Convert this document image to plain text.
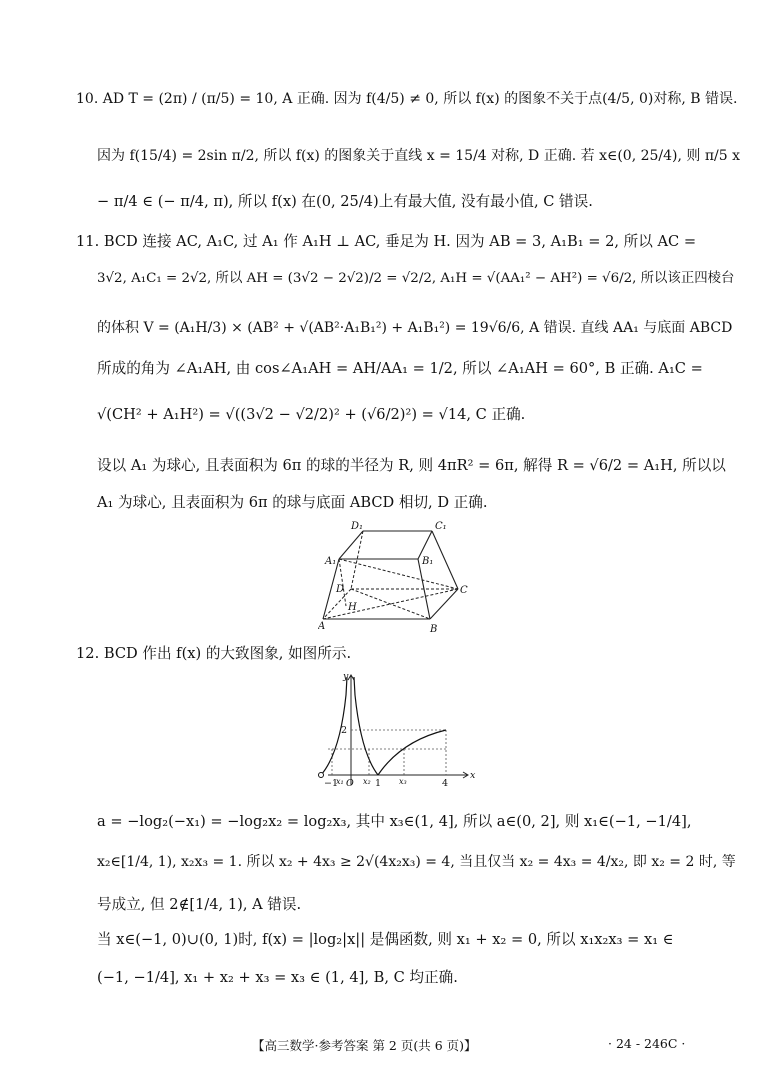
10. AD T = (2π) / (π/5) = 10, A 正确. 因为 f(4/5) ≠ 0, 所以 f(x) 的图象不关于点(4/5, 0)对称, B 错误.
因为 f(15/4) = 2sin π/2, 所以 f(x) 的图象关于直线 x = 15/4 对称, D 正确. 若 x∈(0, 25/4), 则 π/5 x
− π/4 ∈ (− π/4, π), 所以 f(x) 在(0, 25/4)上有最大值, 没有最小值, C 错误.
11. BCD 连接 AC, A₁C, 过 A₁ 作 A₁H ⊥ AC, 垂足为 H. 因为 AB = 3, A₁B₁ = 2, 所以 AC =
3√2, A₁C₁ = 2√2, 所以 AH = (3√2 − 2√2)/2 = √2/2, A₁H = √(AA₁² − AH²) = √6/2, 所以该正四棱台
的体积 V = (A₁H/3) × (AB² + √(AB²·A₁B₁²) + A₁B₁²) = 19√6/6, A 错误. 直线 AA₁ 与底面 ABCD
所成的角为 ∠A₁AH, 由 cos∠A₁AH = AH/AA₁ = 1/2, 所以 ∠A₁AH = 60°, B 正确. A₁C =
√(CH² + A₁H²) = √((3√2 − √2/2)² + (√6/2)²) = √14, C 正确.
设以 A₁ 为球心, 且表面积为 6π 的球的半径为 R, 则 4πR² = 6π, 解得 R = √6/2 = A₁H, 所以以
A₁ 为球心, 且表面积为 6π 的球与底面 ABCD 相切, D 正确.
D₁	C₁
A₁	B₁
D	C
H
A	B
12. BCD 作出 f(x) 的大致图象, 如图所示.
y
2
x
−1
x₁ O x₂ 1 x₃	4
a = −log₂(−x₁) = −log₂x₂ = log₂x₃, 其中 x₃∈(1, 4], 所以 a∈(0, 2], 则 x₁∈(−1, −1/4],
x₂∈[1/4, 1), x₂x₃ = 1. 所以 x₂ + 4x₃ ≥ 2√(4x₂x₃) = 4, 当且仅当 x₂ = 4x₃ = 4/x₂, 即 x₂ = 2 时, 等
号成立, 但 2∉[1/4, 1), A 错误.
当 x∈(−1, 0)∪(0, 1)时, f(x) = |log₂|x|| 是偶函数, 则 x₁ + x₂ = 0, 所以 x₁x₂x₃ = x₁ ∈
(−1, −1/4], x₁ + x₂ + x₃ = x₃ ∈ (1, 4], B, C 均正确.
【高三数学·参考答案 第 2 页(共 6 页)】	· 24 - 246C ·
